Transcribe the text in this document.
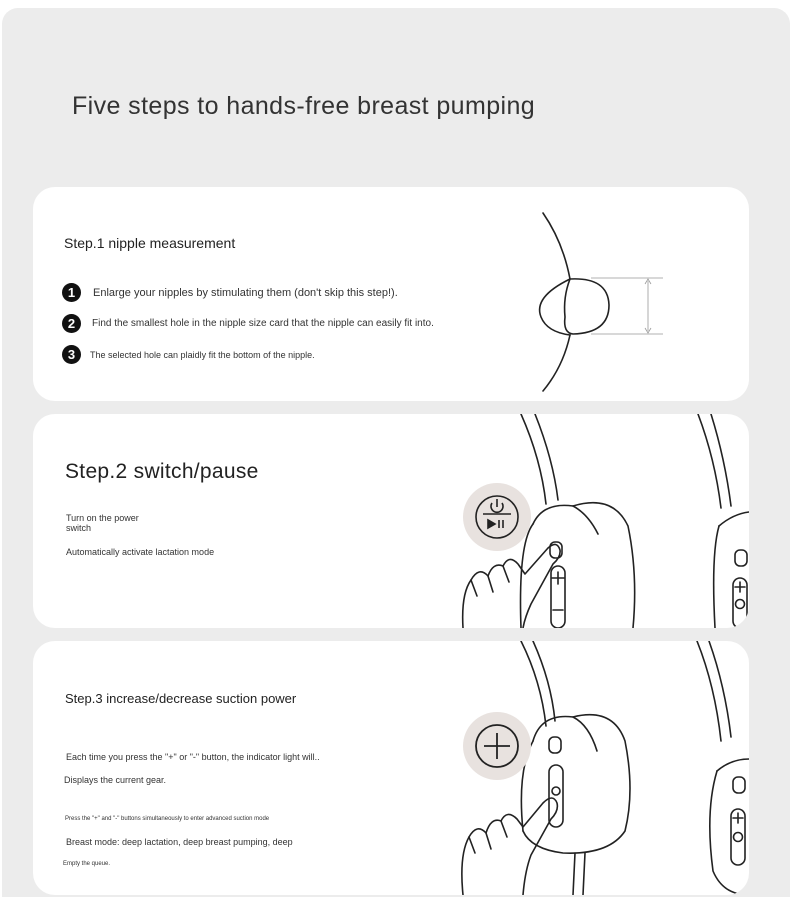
Five steps to hands-free breast pumping
Step.1 nipple measurement
1	Enlarge your nipples by stimulating them (don't skip this step!).
2	Find the smallest hole in the nipple size card that the nipple can easily fit into.
3	The selected hole can plaidly fit the bottom of the nipple.
Step.2 switch/pause
Turn on the power switch
Automatically activate lactation mode
Step.3 increase/decrease suction power
Each time you press the "+" or "-" button, the indicator light will..
Displays the current gear.
Press the "+" and "-" buttons simultaneously to enter advanced suction mode
Breast mode: deep lactation, deep breast pumping, deep
Empty the queue.
